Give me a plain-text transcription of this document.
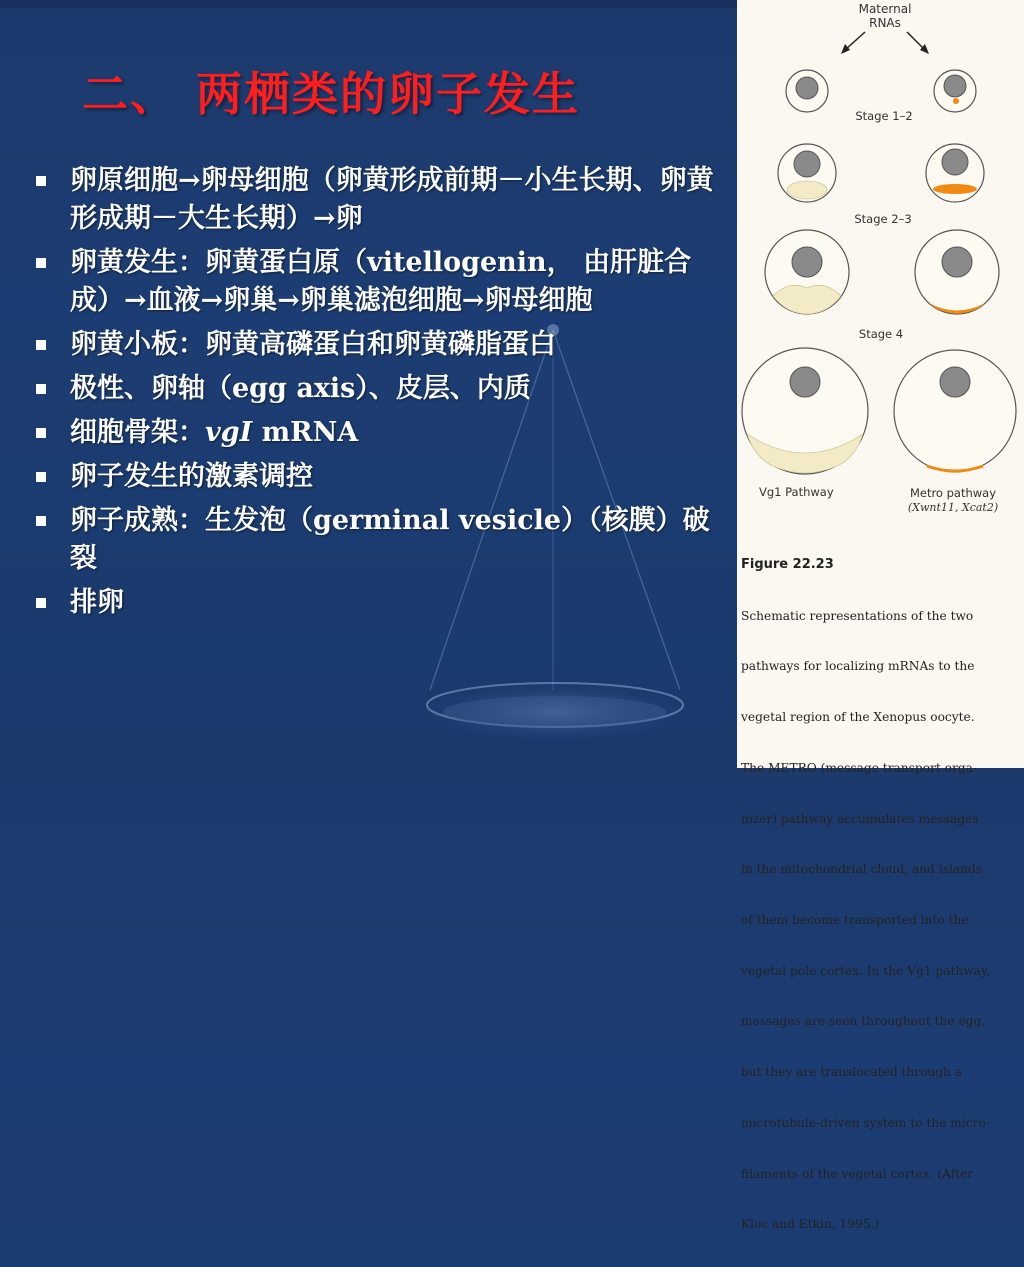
二、 两栖类的卵子发生
卵原细胞→卵母细胞（卵黄形成前期－小生长期、卵黄形成期－大生长期）→卵
卵黄发生：卵黄蛋白原（vitellogenin， 由肝脏合成）→血液→卵巢→卵巢滤泡细胞→卵母细胞
卵黄小板：卵黄高磷蛋白和卵黄磷脂蛋白
极性、卵轴（egg axis）、皮层、内质
细胞骨架：vgI mRNA
卵子发生的激素调控
卵子成熟：生发泡（germinal vesicle）（核膜）破裂
排卵
Maternal
RNAs
Stage 1–2
Stage 2–3
Stage 4
Vg1 Pathway	Metro pathway
(Xwnt11, Xcat2)

Figure 22.23

Schematic representations of the two

pathways for localizing mRNAs to the

vegetal region of the Xenopus oocyte.

The METRO (message transport orga-

nizer) pathway accumulates messages

in the mitochondrial cloud, and islands

of them become transported into the

vegetal pole cortex. In the Vg1 pathway,

messages are seen throughout the egg,

but they are translocated through a

microtubule-driven system to the micro-

filaments of the vegetal cortex. (After

Kloc and Etkin, 1995.)
